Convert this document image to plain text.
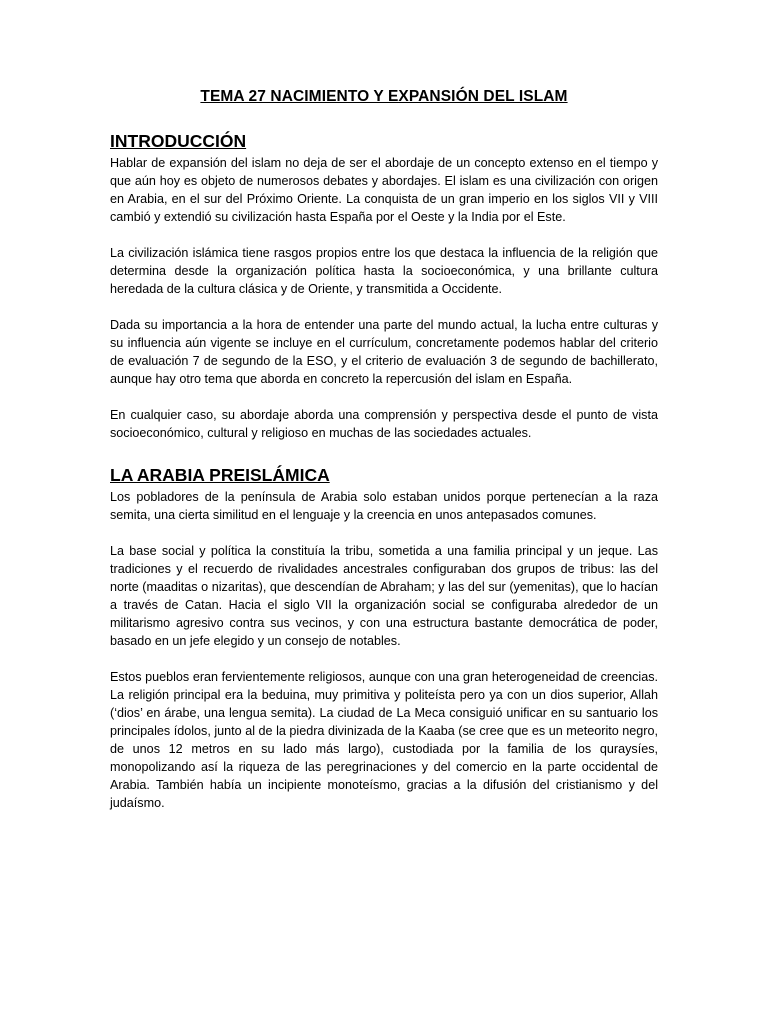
TEMA 27 NACIMIENTO Y EXPANSIÓN DEL ISLAM
INTRODUCCIÓN

Hablar de expansión del islam no deja de ser el abordaje de un concepto extenso en el tiempo y que aún hoy es objeto de numerosos debates y abordajes. El islam es una civilización con origen en Arabia, en el sur del Próximo Oriente. La conquista de un gran imperio en los siglos VII y VIII cambió y extendió su civilización hasta España por el Oeste y la India por el Este.

La civilización islámica tiene rasgos propios entre los que destaca la influencia de la religión que determina desde la organización política hasta la socioeconómica, y una brillante cultura heredada de la cultura clásica y de Oriente, y transmitida a Occidente.

Dada su importancia a la hora de entender una parte del mundo actual, la lucha entre culturas y su influencia aún vigente se incluye en el currículum, concretamente podemos hablar del criterio de evaluación 7 de segundo de la ESO, y el criterio de evaluación 3 de segundo de bachillerato, aunque hay otro tema que aborda en concreto la repercusión del islam en España.

En cualquier caso, su abordaje aborda una comprensión y perspectiva desde el punto de vista socioeconómico, cultural y religioso en muchas de las sociedades actuales.

LA ARABIA PREISLÁMICA

Los pobladores de la península de Arabia solo estaban unidos porque pertenecían a la raza semita, una cierta similitud en el lenguaje y la creencia en unos antepasados comunes.

La base social y política la constituía la tribu, sometida a una familia principal y un jeque. Las tradiciones y el recuerdo de rivalidades ancestrales configuraban dos grupos de tribus: las del norte (maaditas o nizaritas), que descendían de Abraham; y las del sur (yemenitas), que lo hacían a través de Catan. Hacia el siglo VII la organización social se configuraba alrededor de un militarismo agresivo contra sus vecinos, y con una estructura bastante democrática de poder, basado en un jefe elegido y un consejo de notables.

Estos pueblos eran fervientemente religiosos, aunque con una gran heterogeneidad de creencias. La religión principal era la beduina, muy primitiva y politeísta pero ya con un dios superior, Allah (‘dios’ en árabe, una lengua semita). La ciudad de La Meca consiguió unificar en su santuario los principales ídolos, junto al de la piedra divinizada de la Kaaba (se cree que es un meteorito negro, de unos 12 metros en su lado más largo), custodiada por la familia de los quraysíes, monopolizando así la riqueza de las peregrinaciones y del comercio en la parte occidental de Arabia. También había un incipiente monoteísmo, gracias a la difusión del cristianismo y del judaísmo.
